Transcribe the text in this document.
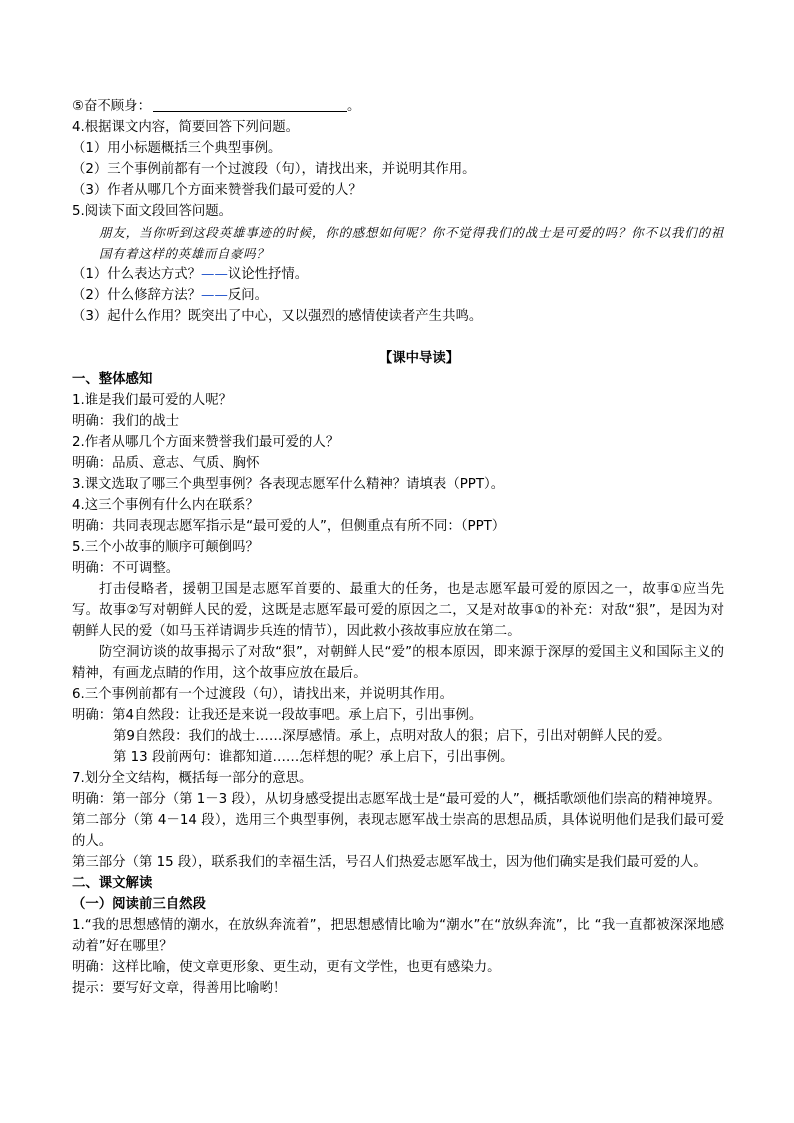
⑤奋不顾身：	。
4.根据课文内容，简要回答下列问题。
（1）用小标题概括三个典型事例。
（2）三个事例前都有一个过渡段（句），请找出来，并说明其作用。
（3）作者从哪几个方面来赞誉我们最可爱的人？
5.阅读下面文段回答问题。
朋友，当你听到这段英雄事迹的时候，你的感想如何呢？你不觉得我们的战士是可爱的吗？你不以我们的祖国有着这样的英雄而自豪吗？
（1）什么表达方式？——议论性抒情。
（2）什么修辞方法？——反问。
（3）起什么作用？既突出了中心，又以强烈的感情使读者产生共鸣。
【课中导读】
一、整体感知
1.谁是我们最可爱的人呢？
明确：我们的战士
2.作者从哪几个方面来赞誉我们最可爱的人？
明确：品质、意志、气质、胸怀
3.课文选取了哪三个典型事例？各表现志愿军什么精神？请填表（PPT）。
4.这三个事例有什么内在联系？
明确：共同表现志愿军指示是“最可爱的人”，但侧重点有所不同：（PPT）
5.三个小故事的顺序可颠倒吗？
明确：不可调整。
打击侵略者，援朝卫国是志愿军首要的、最重大的任务，也是志愿军最可爱的原因之一，故事①应当先写。故事②写对朝鲜人民的爱，这既是志愿军最可爱的原因之二，又是对故事①的补充：对敌“狠”，是因为对朝鲜人民的爱（如马玉祥请调步兵连的情节），因此救小孩故事应放在第二。
防空洞访谈的故事揭示了对敌“狠”，对朝鲜人民“爱”的根本原因，即来源于深厚的爱国主义和国际主义的精神，有画龙点睛的作用，这个故事应放在最后。
6.三个事例前都有一个过渡段（句），请找出来，并说明其作用。
明确：第4自然段：让我还是来说一段故事吧。承上启下，引出事例。
第9自然段：我们的战士……深厚感情。承上，点明对敌人的狠；启下，引出对朝鲜人民的爱。
第 13 段前两句：谁都知道……怎样想的呢？承上启下，引出事例。
7.划分全文结构，概括每一部分的意思。
明确：第一部分（第 1－3 段），从切身感受提出志愿军战士是“最可爱的人”，概括歌颂他们崇高的精神境界。
第二部分（第 4－14 段），选用三个典型事例，表现志愿军战士崇高的思想品质，具体说明他们是我们最可爱的人。
第三部分（第 15 段），联系我们的幸福生活，号召人们热爱志愿军战士，因为他们确实是我们最可爱的人。
二、课文解读
（一）阅读前三自然段
1.“我的思想感情的潮水，在放纵奔流着”，把思想感情比喻为“潮水”在“放纵奔流”，比 “我一直都被深深地感动着”好在哪里？
明确：这样比喻，使文章更形象、更生动，更有文学性，也更有感染力。
提示：要写好文章，得善用比喻哟！
